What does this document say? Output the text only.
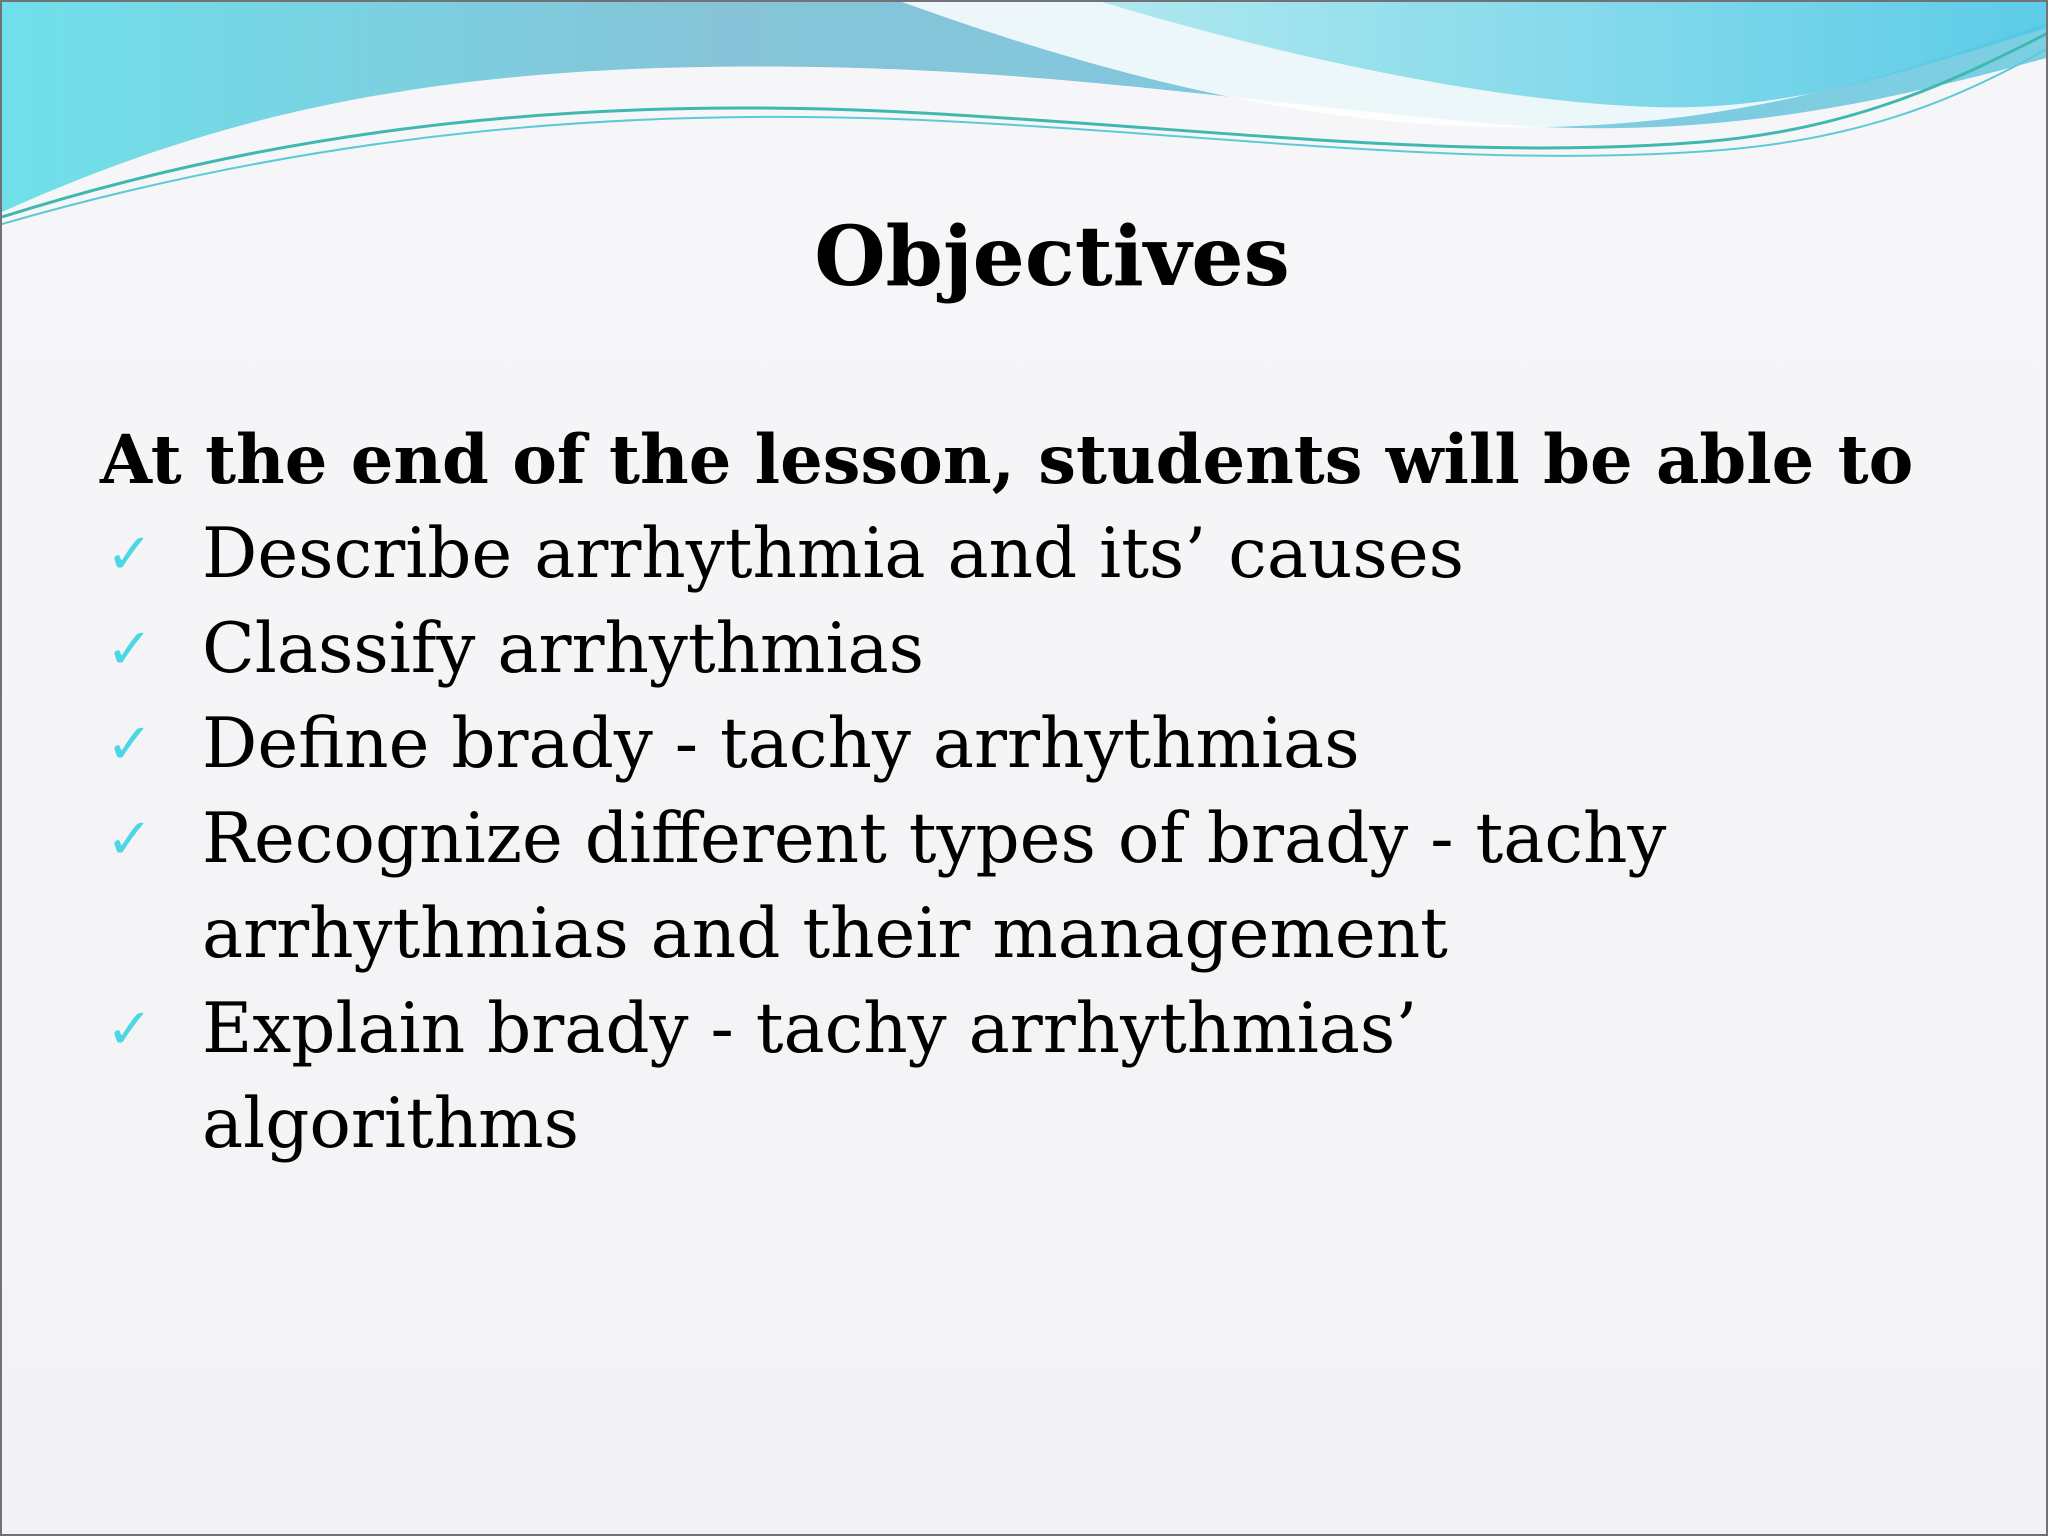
Objectives
At the end of the lesson, students will be able to
✓ Describe arrhythmia and its’ causes
✓ Classify arrhythmias
✓ Define brady - tachy arrhythmias
✓ Recognize different types of brady - tachy arrhythmias and their management
✓ Explain brady - tachy arrhythmias’ algorithms
